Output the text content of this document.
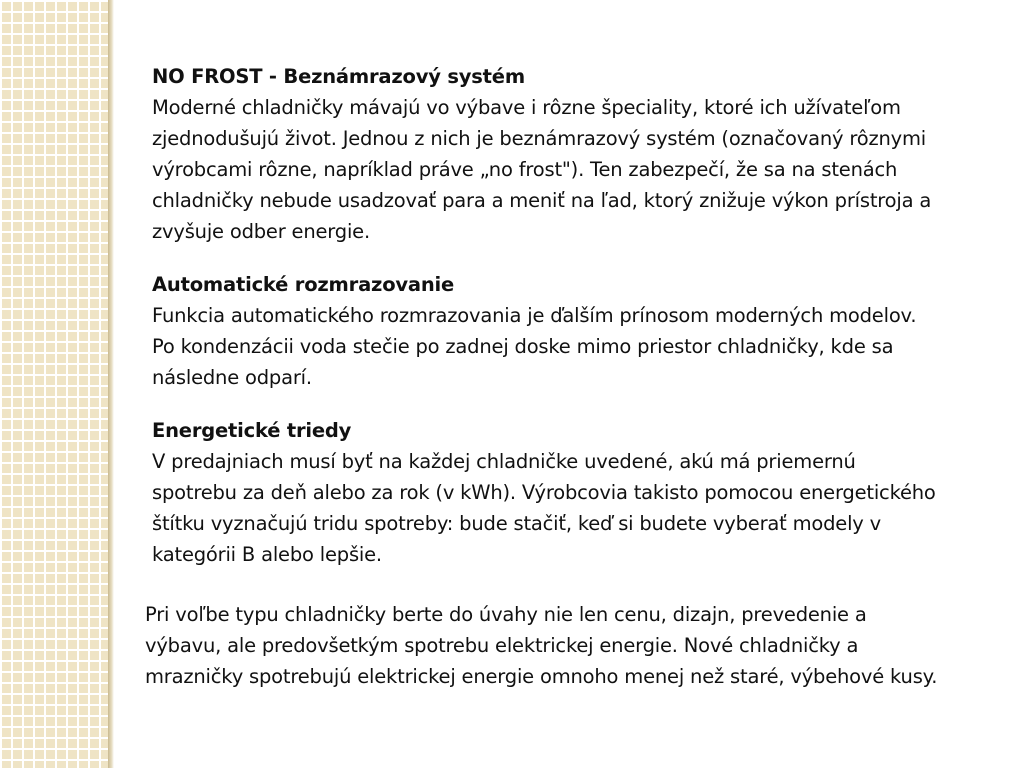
NO FROST - Beznámrazový systém
Moderné chladničky mávajú vo výbave i rôzne špeciality, ktoré ich užívateľom zjednodušujú život. Jednou z nich je beznámrazový systém (označovaný rôznymi výrobcami rôzne, napríklad práve „no frost"). Ten zabezpečí, že sa na stenách chladničky nebude usadzovať para a meniť na ľad, ktorý znižuje výkon prístroja a zvyšuje odber energie.
Automatické rozmrazovanie
Funkcia automatického rozmrazovania je ďalším prínosom moderných modelov. Po kondenzácii voda stečie po zadnej doske mimo priestor chladničky, kde sa následne odparí.
Energetické triedy
V predajniach musí byť na každej chladničke uvedené, akú má priemernú spotrebu za deň alebo za rok (v kWh). Výrobcovia takisto pomocou energetického štítku vyznačujú tridu spotreby: bude stačiť, keď si budete vyberať modely v kategórii B alebo lepšie.
Pri voľbe typu chladničky berte do úvahy nie len cenu, dizajn, prevedenie a výbavu, ale predovšetkým spotrebu elektrickej energie. Nové chladničky a mrazničky spotrebujú elektrickej energie omnoho menej než staré, výbehové kusy.
